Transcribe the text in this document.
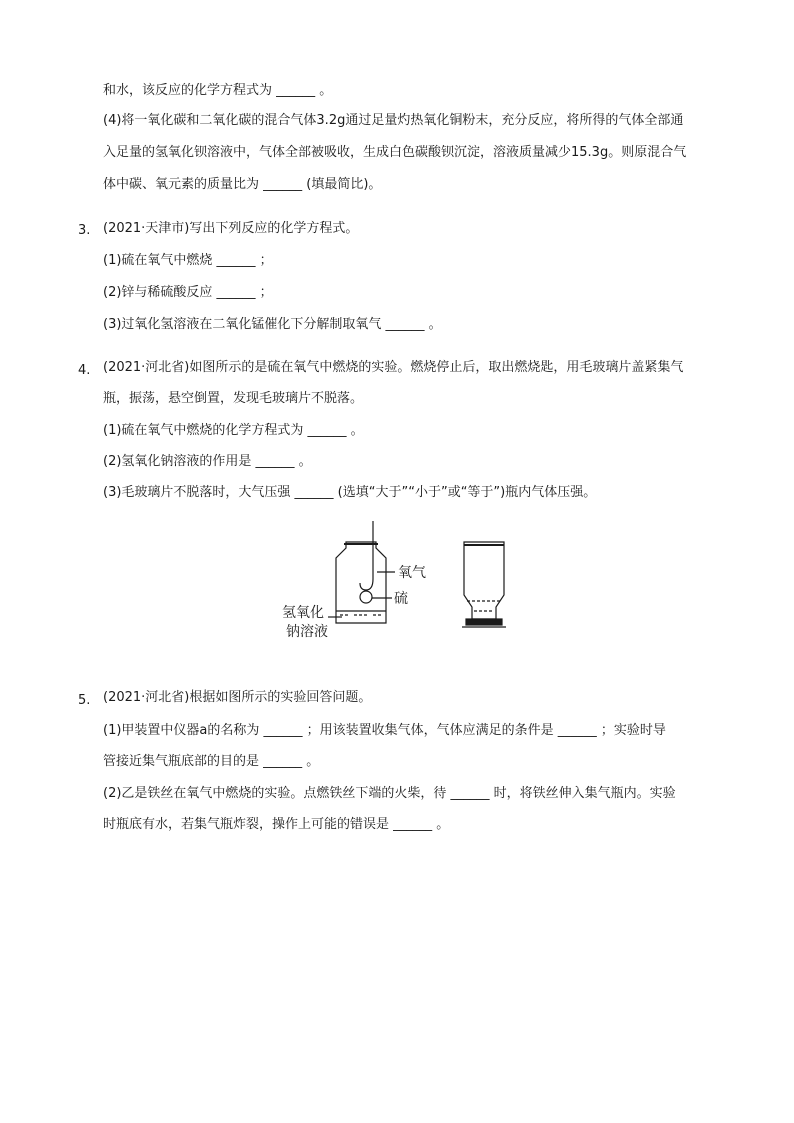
和水，该反应的化学方程式为 ______ 。
(4)将一氧化碳和二氧化碳的混合气体3.2g通过足量灼热氧化铜粉末，充分反应，将所得的气体全部通
入足量的氢氧化钡溶液中，气体全部被吸收，生成白色碳酸钡沉淀，溶液质量减少15.3g。则原混合气
体中碳、氧元素的质量比为 ______ (填最简比)。
3. (2021·天津市)写出下列反应的化学方程式。
(1)硫在氧气中燃烧 ______ ；
(2)锌与稀硫酸反应 ______ ；
(3)过氧化氢溶液在二氧化锰催化下分解制取氧气 ______ 。
4. (2021·河北省)如图所示的是硫在氧气中燃烧的实验。燃烧停止后，取出燃烧匙，用毛玻璃片盖紧集气
瓶，振荡，悬空倒置，发现毛玻璃片不脱落。
(1)硫在氧气中燃烧的化学方程式为 ______ 。
(2)氢氧化钠溶液的作用是 ______ 。
(3)毛玻璃片不脱落时，大气压强 ______ (选填“大于”“小于”或“等于”)瓶内气体压强。
氧气
硫
氢氧化
钠溶液
5. (2021·河北省)根据如图所示的实验回答问题。
(1)甲装置中仪器a的名称为 ______ ；用该装置收集气体，气体应满足的条件是 ______ ；实验时导
管接近集气瓶底部的目的是 ______ 。
(2)乙是铁丝在氧气中燃烧的实验。点燃铁丝下端的火柴，待 ______ 时，将铁丝伸入集气瓶内。实验
时瓶底有水，若集气瓶炸裂，操作上可能的错误是 ______ 。
